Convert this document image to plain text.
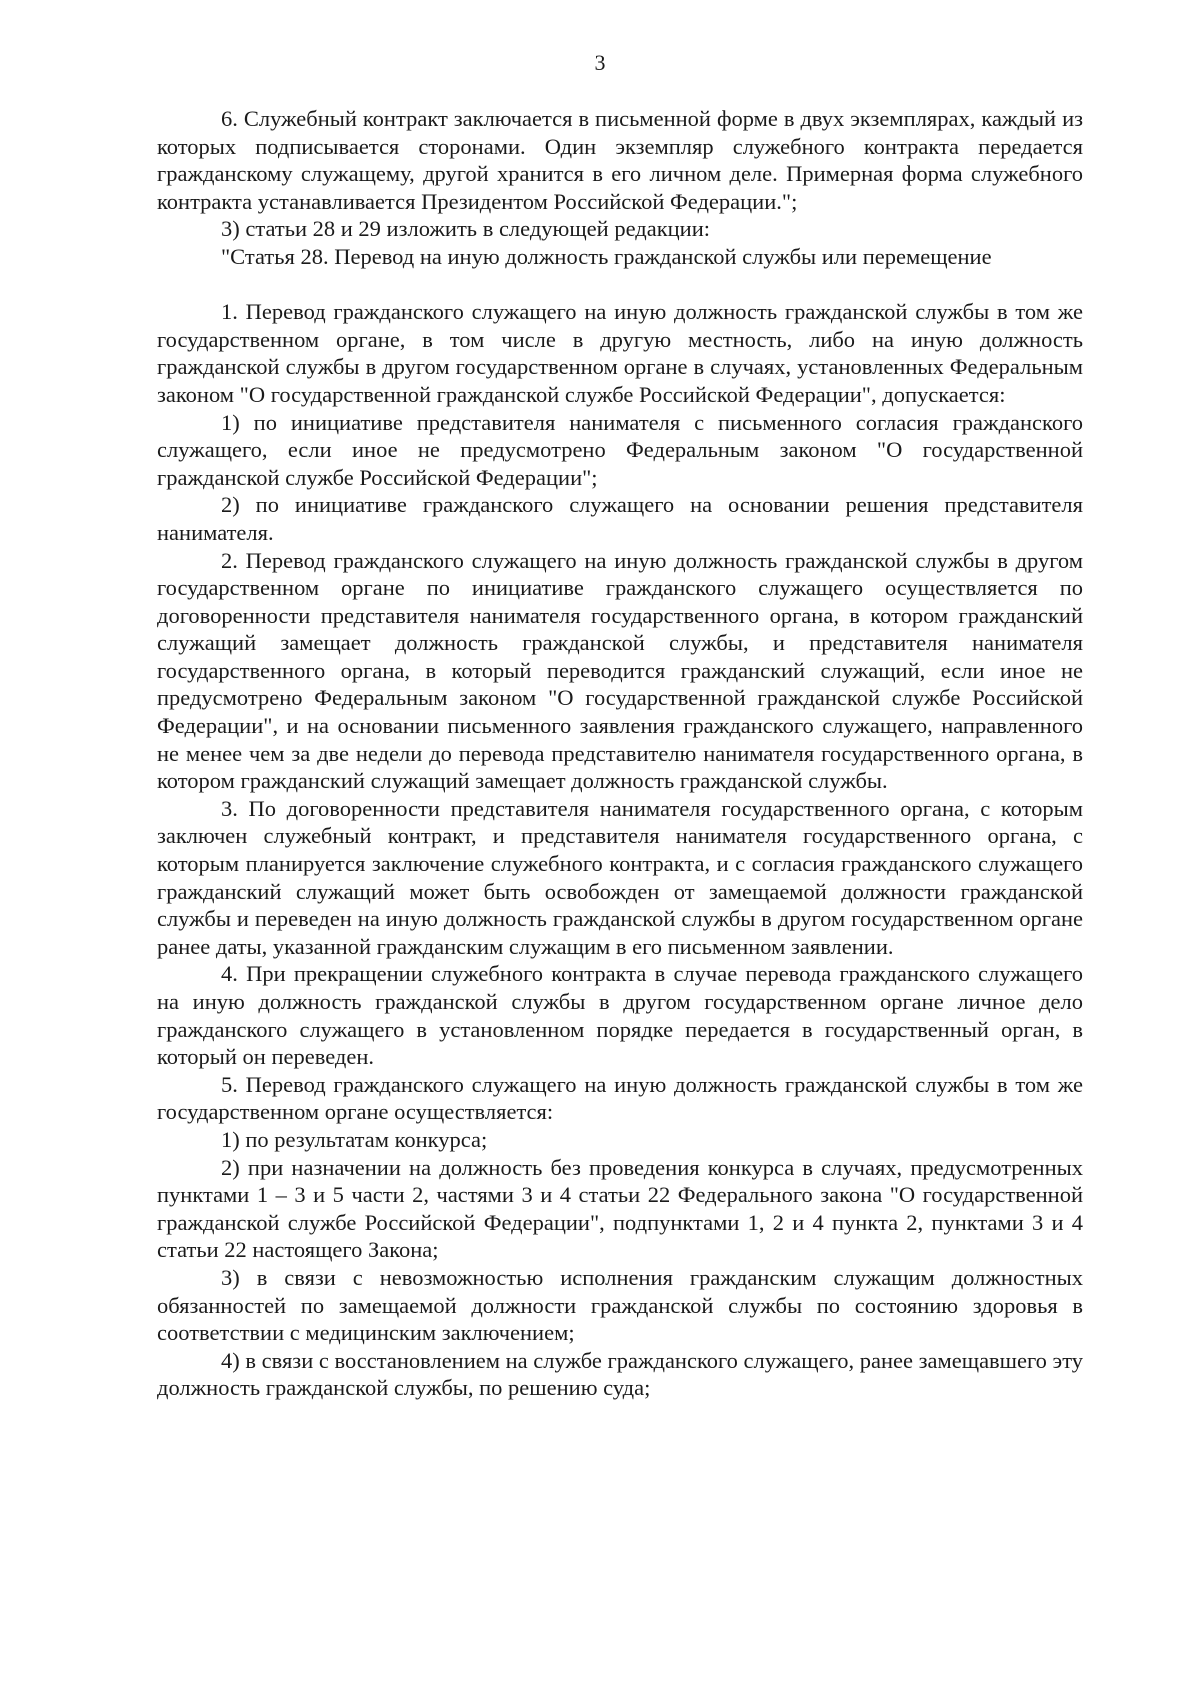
3

6. Служебный контракт заключается в письменной форме в двух экземплярах, каждый из которых подписывается сторонами. Один экземпляр служебного контракта передается гражданскому служащему, другой хранится в его личном деле. Примерная форма служебного контракта устанавливается Президентом Российской Федерации.";

3) статьи 28 и 29 изложить в следующей редакции:

"Статья 28. Перевод на иную должность гражданской службы или перемещение

1. Перевод гражданского служащего на иную должность гражданской службы в том же государственном органе, в том числе в другую местность, либо на иную должность гражданской службы в другом государственном органе в случаях, установленных Федеральным законом "О государственной гражданской службе Российской Федерации", допускается:

1) по инициативе представителя нанимателя с письменного согласия гражданского служащего, если иное не предусмотрено Федеральным законом "О государственной гражданской службе Российской Федерации";

2) по инициативе гражданского служащего на основании решения представителя нанимателя.

2. Перевод гражданского служащего на иную должность гражданской службы в другом государственном органе по инициативе гражданского служащего осуществляется по договоренности представителя нанимателя государственного органа, в котором гражданский служащий замещает должность гражданской службы, и представителя нанимателя государственного органа, в который переводится гражданский служащий, если иное не предусмотрено Федеральным законом "О государственной гражданской службе Российской Федерации", и на основании письменного заявления гражданского служащего, направленного не менее чем за две недели до перевода представителю нанимателя государственного органа, в котором гражданский служащий замещает должность гражданской службы.

3. По договоренности представителя нанимателя государственного органа, с которым заключен служебный контракт, и представителя нанимателя государственного органа, с которым планируется заключение служебного контракта, и с согласия гражданского служащего гражданский служащий может быть освобожден от замещаемой должности гражданской службы и переведен на иную должность гражданской службы в другом государственном органе ранее даты, указанной гражданским служащим в его письменном заявлении.

4. При прекращении служебного контракта в случае перевода гражданского служащего на иную должность гражданской службы в другом государственном органе личное дело гражданского служащего в установленном порядке передается в государственный орган, в который он переведен.

5. Перевод гражданского служащего на иную должность гражданской службы в том же государственном органе осуществляется:

1) по результатам конкурса;

2) при назначении на должность без проведения конкурса в случаях, предусмотренных пунктами 1 – 3 и 5 части 2, частями 3 и 4 статьи 22 Федерального закона "О государственной гражданской службе Российской Федерации", подпунктами 1, 2 и 4 пункта 2, пунктами 3 и 4 статьи 22 настоящего Закона;

3) в связи с невозможностью исполнения гражданским служащим должностных обязанностей по замещаемой должности гражданской службы по состоянию здоровья в соответствии с медицинским заключением;

4) в связи с восстановлением на службе гражданского служащего, ранее замещавшего эту должность гражданской службы, по решению суда;
